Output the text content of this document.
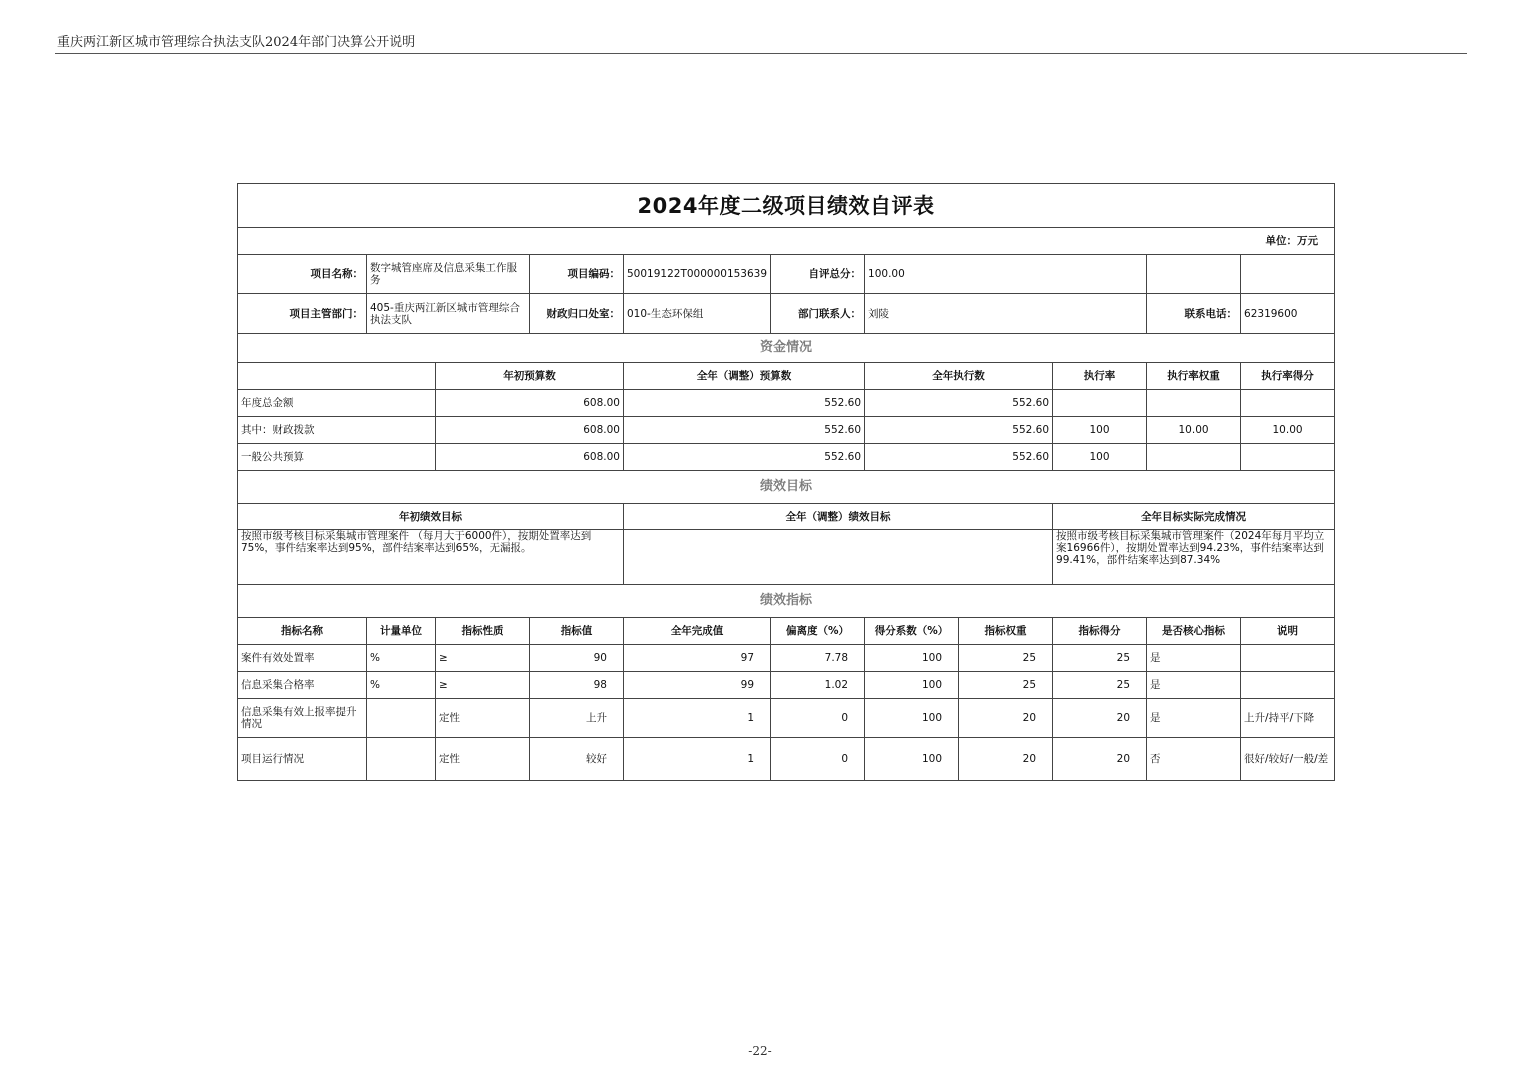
重庆两江新区城市管理综合执法支队2024年部门决算公开说明
2024年度二级项目绩效自评表										
单位：万元										
项目名称：	数字城管座席及信息采集工作服务		项目编码：	50019122T000000153639	自评总分：	100.00				
项目主管部门：	405-重庆两江新区城市管理综合执法支队		财政归口处室：	010-生态环保组	部门联系人：	刘陵			联系电话：	62319600
资金情况										
		年初预算数		全年（调整）预算数		全年执行数		执行率	执行率权重	执行率得分
年度总金额		608.00		552.60		552.60				
其中：财政拨款		608.00		552.60		552.60		100	10.00	10.00
一般公共预算		608.00		552.60		552.60		100		
绩效目标										
年初绩效目标				全年（调整）绩效目标				全年目标实际完成情况		
按照市级考核目标采集城市管理案件 （每月大于6000件），按期处置率达到75%，事件结案率达到95%，部件结案率达到65%，无漏报。								按照市级考核目标采集城市管理案件（2024年每月平均立案16966件），按期处置率达到94.23%，事件结案率达到99.41%，部件结案率达到87.34%		
绩效指标										
指标名称	计量单位	指标性质	指标值	全年完成值	偏离度（%）	得分系数（%）	指标权重	指标得分	是否核心指标	说明
案件有效处置率	%	≥	90	97	7.78	100	25	25	是	
信息采集合格率	%	≥	98	99	1.02	100	25	25	是	
信息采集有效上报率提升情况		定性	上升	1	0	100	20	20	是	上升/持平/下降
项目运行情况		定性	较好	1	0	100	20	20	否	很好/较好/一般/差
-22-
